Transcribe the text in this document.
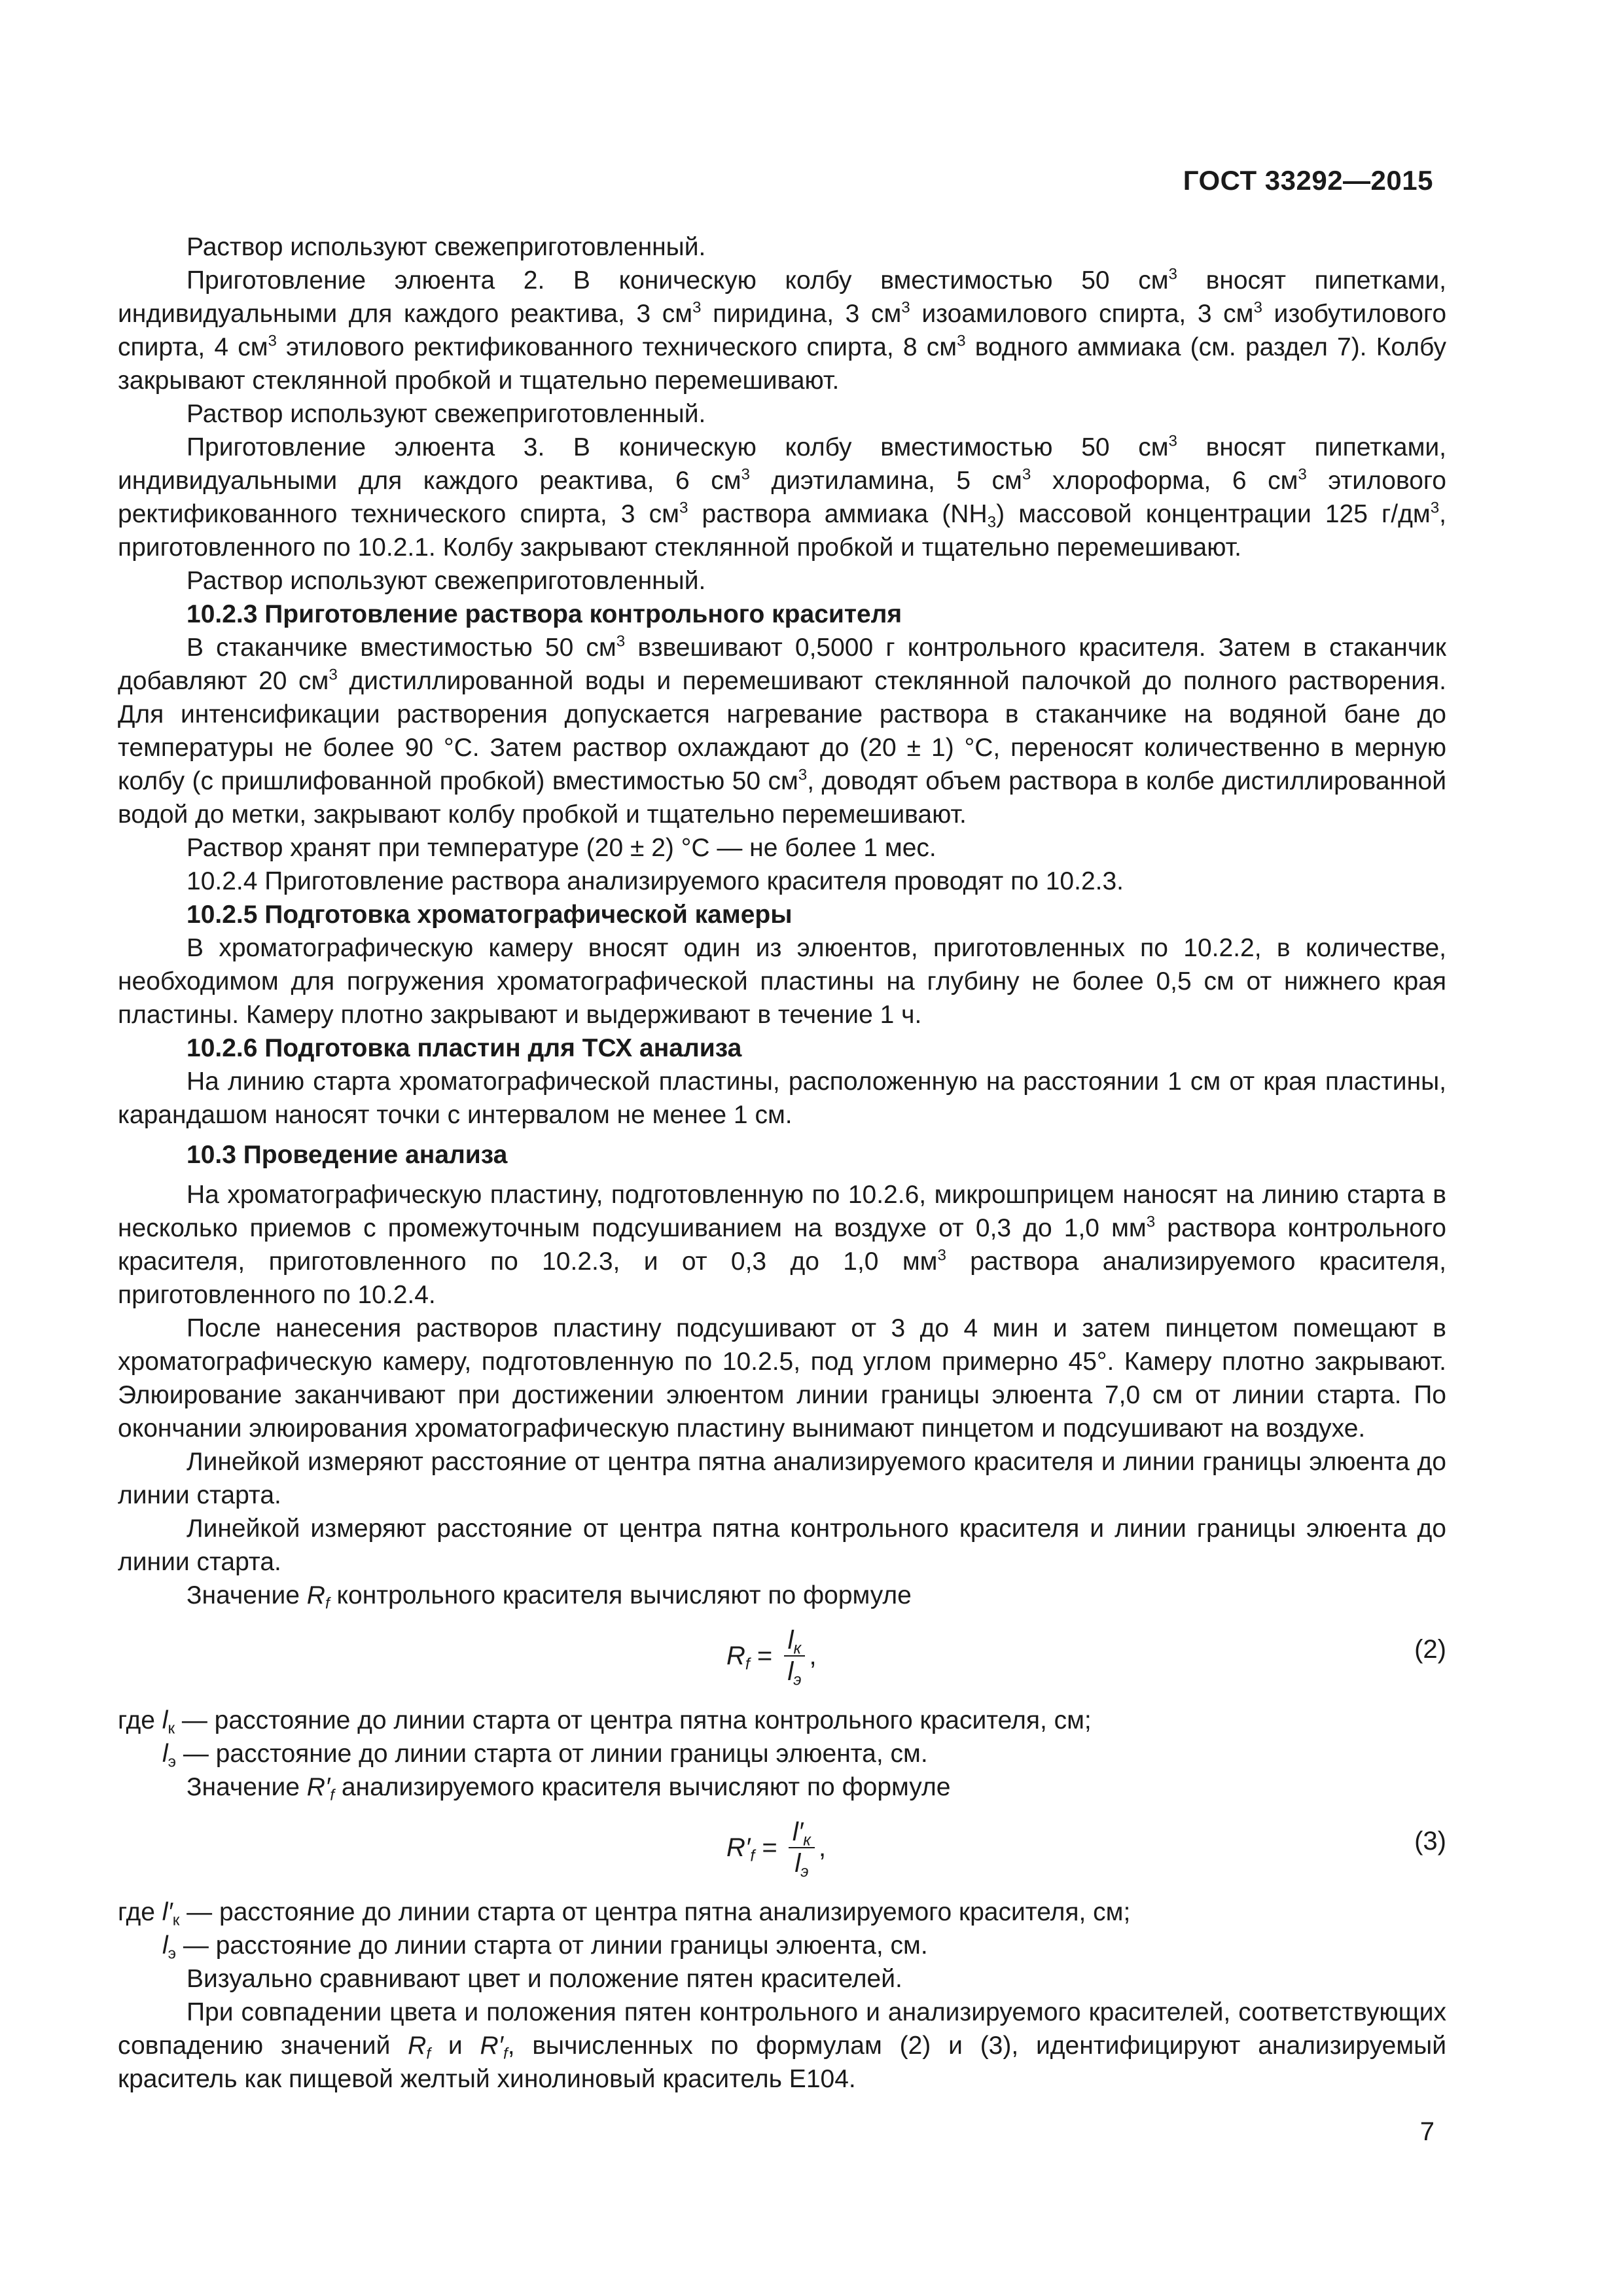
ГОСТ 33292—2015

Раствор используют свежеприготовленный.

Приготовление элюента 2. В коническую колбу вместимостью 50 $см^3$ вносят пипетками, индивидуальными для каждого реактива, 3 $см^3$ пиридина, 3 $см^3$ изоамилового спирта, 3 $см^3$ изобутилового спирта, 4 $см^3$ этилового ректификованного технического спирта, 8 $см^3$ водного аммиака (см. раздел 7). Колбу закрывают стеклянной пробкой и тщательно перемешивают.

Раствор используют свежеприготовленный.

Приготовление элюента 3. В коническую колбу вместимостью 50 $см^3$ вносят пипетками, индивидуальными для каждого реактива, 6 $см^3$ диэтиламина, 5 $см^3$ хлороформа, 6 $см^3$ этилового ректификованного технического спирта, 3 $см^3$ раствора аммиака $(NH_3)$ массовой концентрации 125 $г/дм^3$, приготовленного по 10.2.1. Колбу закрывают стеклянной пробкой и тщательно перемешивают.

Раствор используют свежеприготовленный.

10.2.3 Приготовление раствора контрольного красителя

В стаканчике вместимостью 50 $см^3$ взвешивают 0,5000 г контрольного красителя. Затем в стаканчик добавляют 20 $см^3$ дистиллированной воды и перемешивают стеклянной палочкой до полного растворения. Для интенсификации растворения допускается нагревание раствора в стаканчике на водяной бане до температуры не более 90 °С. Затем раствор охлаждают до (20 ± 1) °С, переносят количественно в мерную колбу (с пришлифованной пробкой) вместимостью 50 $см^3$, доводят объем раствора в колбе дистиллированной водой до метки, закрывают колбу пробкой и тщательно перемешивают.

Раствор хранят при температуре (20 ± 2) °С — не более 1 мес.

10.2.4 Приготовление раствора анализируемого красителя проводят по 10.2.3.

10.2.5 Подготовка хроматографической камеры

В хроматографическую камеру вносят один из элюентов, приготовленных по 10.2.2, в количестве, необходимом для погружения хроматографической пластины на глубину не более 0,5 см от нижнего края пластины. Камеру плотно закрывают и выдерживают в течение 1 ч.

10.2.6 Подготовка пластин для ТСХ анализа

На линию старта хроматографической пластины, расположенную на расстоянии 1 см от края пластины, карандашом наносят точки с интервалом не менее 1 см.

10.3 Проведение анализа

На хроматографическую пластину, подготовленную по 10.2.6, микрошприцем наносят на линию старта в несколько приемов с промежуточным подсушиванием на воздухе от 0,3 до 1,0 $мм^3$ раствора контрольного красителя, приготовленного по 10.2.3, и от 0,3 до 1,0 $мм^3$ раствора анализируемого красителя, приготовленного по 10.2.4.

После нанесения растворов пластину подсушивают от 3 до 4 мин и затем пинцетом помещают в хроматографическую камеру, подготовленную по 10.2.5, под углом примерно 45°. Камеру плотно закрывают. Элюирование заканчивают при достижении элюентом линии границы элюента 7,0 см от линии старта. По окончании элюирования хроматографическую пластину вынимают пинцетом и подсушивают на воздухе.

Линейкой измеряют расстояние от центра пятна анализируемого красителя и линии границы элюента до линии старта.

Линейкой измеряют расстояние от центра пятна контрольного красителя и линии границы элюента до линии старта.

Значение $R_f$ контрольного красителя вычисляют по формуле

$R_f = \frac{l_к}{l_э}$ ,	(2)

где $l_к$ — расстояние до линии старта от центра пятна контрольного красителя, см;

$l_э$ — расстояние до линии старта от линии границы элюента, см.

Значение $R'_f$ анализируемого красителя вычисляют по формуле

$R'_f = \frac{l'_к}{l_э}$ ,	(3)

где $l'_к$ — расстояние до линии старта от центра пятна анализируемого красителя, см;

$l_э$ — расстояние до линии старта от линии границы элюента, см.

Визуально сравнивают цвет и положение пятен красителей.

При совпадении цвета и положения пятен контрольного и анализируемого красителей, соответствующих совпадению значений $R_f$ и $R'_f$, вычисленных по формулам (2) и (3), идентифицируют анализируемый краситель как пищевой желтый хинолиновый краситель Е104.

7
